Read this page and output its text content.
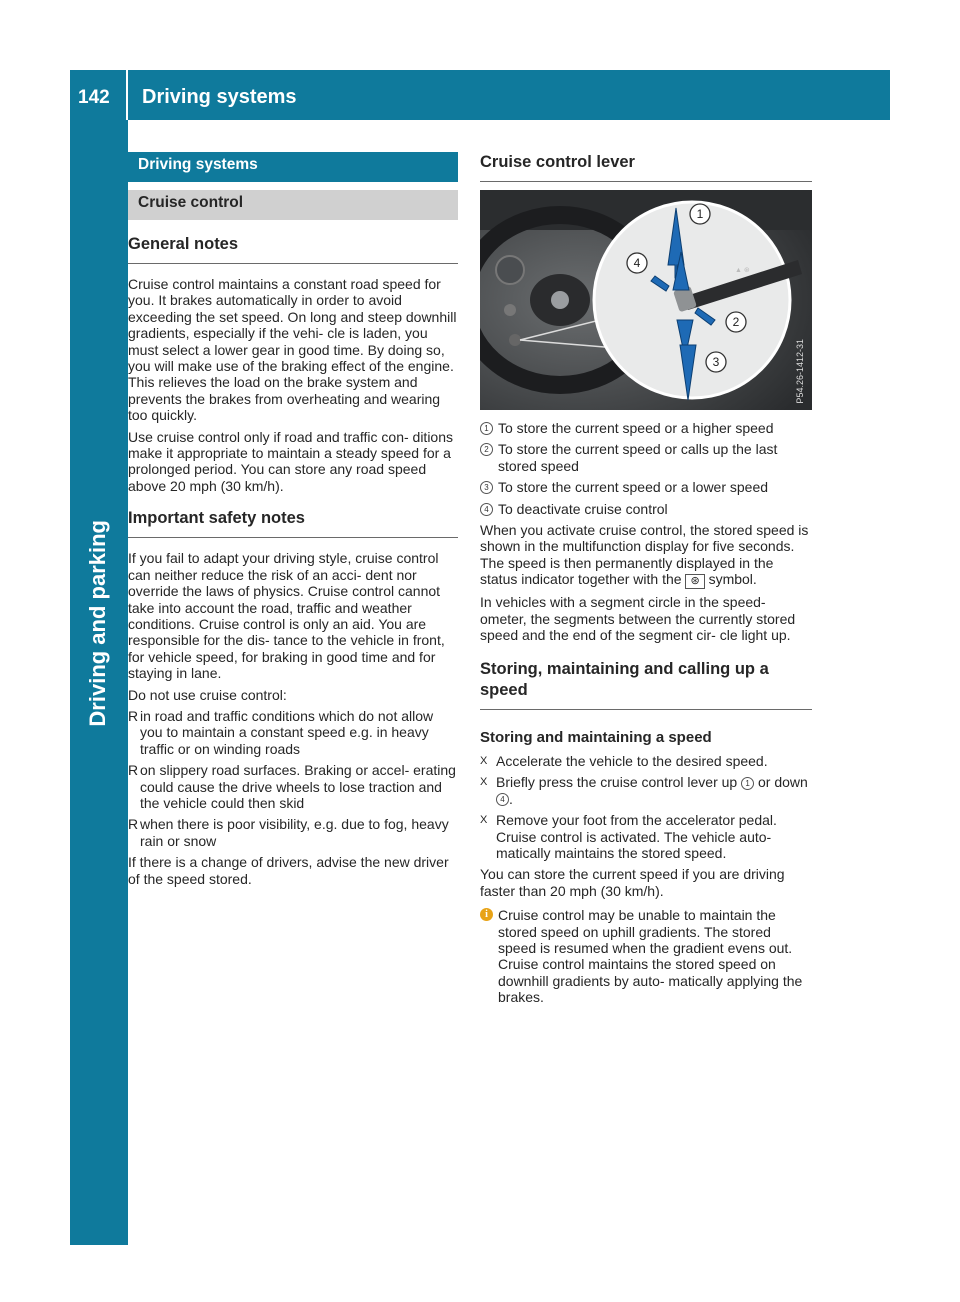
142 Driving systems
Driving and parking
Driving systems
Cruise control
General notes

Cruise control maintains a constant road speed for you. It brakes automatically in order to avoid exceeding the set speed. On long and steep downhill gradients, especially if the vehi- cle is laden, you must select a lower gear in good time. By doing so, you will make use of the braking effect of the engine. This relieves the load on the brake system and prevents the brakes from overheating and wearing too quickly.

Use cruise control only if road and traffic con- ditions make it appropriate to maintain a steady speed for a prolonged period. You can store any road speed above 20 mph (30 km/h).

Important safety notes

If you fail to adapt your driving style, cruise control can neither reduce the risk of an acci- dent nor override the laws of physics. Cruise control cannot take into account the road, traffic and weather conditions. Cruise control is only an aid. You are responsible for the dis- tance to the vehicle in front, for vehicle speed, for braking in good time and for staying in lane.

Do not use cruise control:

R in road and traffic conditions which do not allow you to maintain a constant speed e.g. in heavy traffic or on winding roads
R on slippery road surfaces. Braking or accel- erating could cause the drive wheels to lose traction and the vehicle could then skid
R when there is poor visibility, e.g. due to fog, heavy rain or snow

If there is a change of drivers, advise the new driver of the speed stored.

Cruise control lever
▲ ⊛
1
2
3
4
P54.26-1412-31
1 To store the current speed or a higher speed
2 To store the current speed or calls up the last stored speed
3 To store the current speed or a lower speed
4 To deactivate cruise control

When you activate cruise control, the stored speed is shown in the multifunction display for five seconds. The speed is then permanently displayed in the status indicator together with the ⊛ symbol.

In vehicles with a segment circle in the speed- ometer, the segments between the currently stored speed and the end of the segment cir- cle light up.

Storing, maintaining and calling up a speed
Storing and maintaining a speed
X Accelerate the vehicle to the desired speed.
X Briefly press the cruise control lever up 1 or down 4 .
X Remove your foot from the accelerator pedal.
Cruise control is activated. The vehicle auto- matically maintains the stored speed.

You can store the current speed if you are driving faster than 20 mph (30 km/h).

i Cruise control may be unable to maintain the stored speed on uphill gradients. The stored speed is resumed when the gradient evens out. Cruise control maintains the stored speed on downhill gradients by auto- matically applying the brakes.
